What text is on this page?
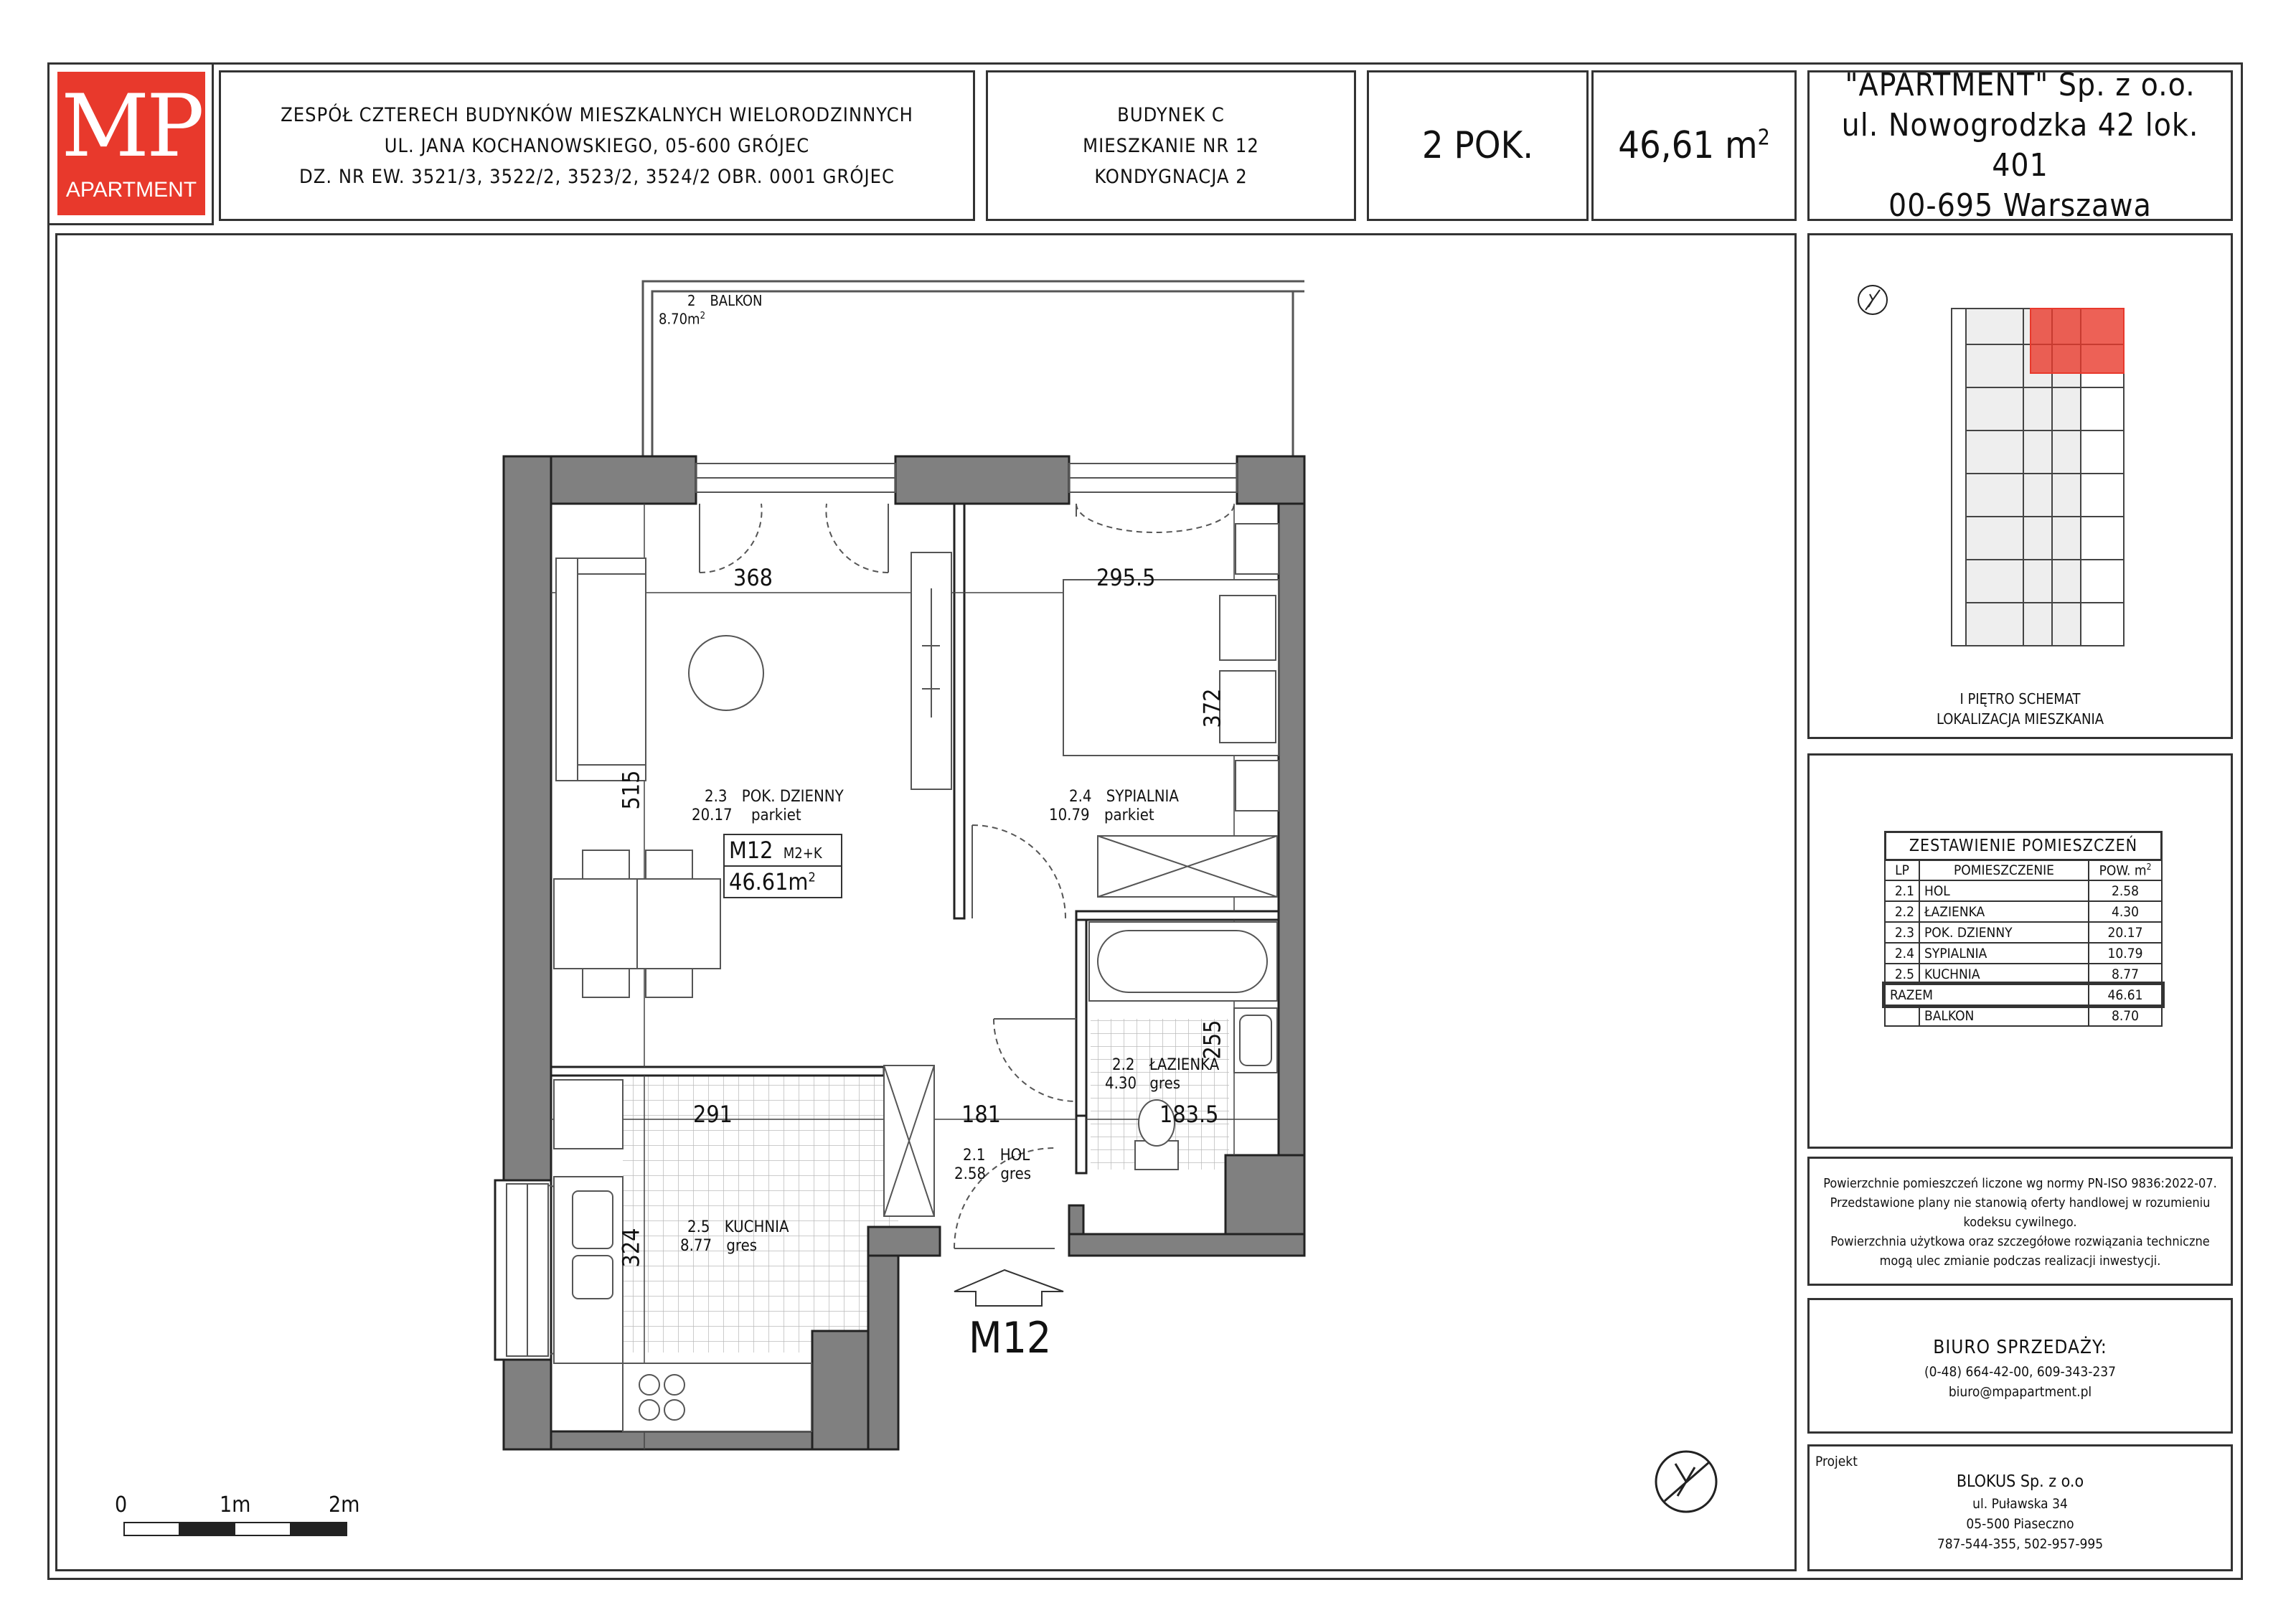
MP
APARTMENT
ZESPÓŁ CZTERECH BUDYNKÓW MIESZKALNYCH WIELORODZINNYCH
UL. JANA KOCHANOWSKIEGO, 05-600 GRÓJEC
DZ. NR EW. 3521/3, 3522/2, 3523/2, 3524/2 OBR. 0001 GRÓJEC
BUDYNEK C
MIESZKANIE NR 12
KONDYGNACJA 2
2 POK. 46,61 $m^2$
"APARTMENT" Sp. z o.o.
ul. Nowogrodzka 42 lok. 401
00-695 Warszawa
2 BALKON
$8.70m^2$
2.3 POK. DZIENNY
20.17 parkiet
2.4 SYPIALNIA
10.79 parkiet
2.2 ŁAZIENKA
4.30 gres
2.1 HOL
2.58 gres
2.5 KUCHNIA
8.77 gres
M12 M2+K
$46.61m^2$
368	295.5
372
515
255
291	181	183.5
324
M12
0	1m	2m
I PIĘTRO SCHEMAT
LOKALIZACJA MIESZKANIA
ZESTAWIENIE POMIESZCZEŃ
LP	POMIESZCZENIE	POW. $m^2$
2.1	HOL	2.58
2.2	ŁAZIENKA	4.30
2.3	POK. DZIENNY	20.17
2.4	SYPIALNIA	10.79
2.5	KUCHNIA	8.77
RAZEM		46.61
	BALKON	8.70
Powierzchnie pomieszczeń liczone wg normy PN-ISO 9836:2022-07.
Przedstawione plany nie stanowią oferty handlowej w rozumieniu
kodeksu cywilnego.
Powierzchnia użytkowa oraz szczegółowe rozwiązania techniczne
mogą ulec zmianie podczas realizacji inwestycji.
BIURO SPRZEDAŻY:
(0-48) 664-42-00, 609-343-237
biuro@mpapartment.pl
Projekt
BLOKUS Sp. z o.o
ul. Puławska 34
05-500 Piaseczno
787-544-355, 502-957-995
